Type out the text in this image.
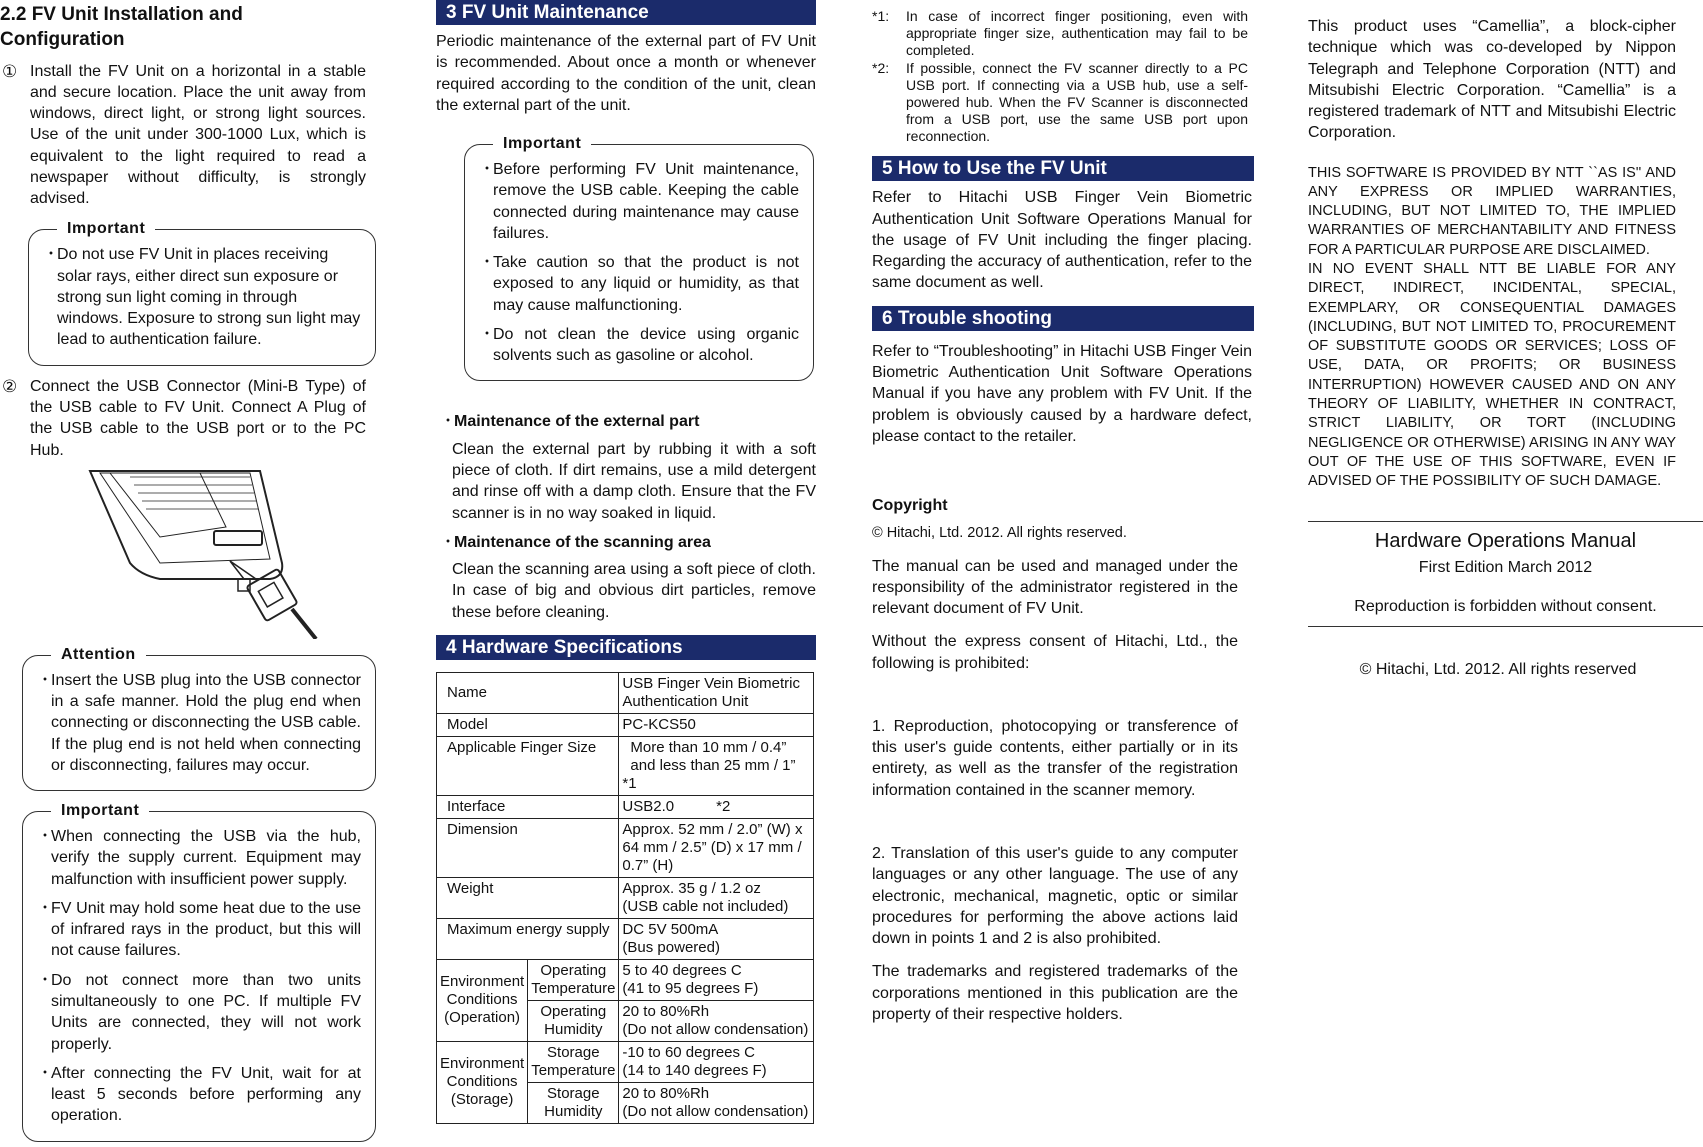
2.2 FV Unit Installation and Configuration
① Install the FV Unit on a horizontal in a stable and secure location. Place the unit away from windows, direct light, or strong light sources. Use of the unit under 300-1000 Lux, which is equivalent to the light required to read a newspaper without difficulty, is strongly advised.

Important
・

Do not use FV Unit in places receiving solar rays, either direct sun exposure or strong sun light coming in through windows. Exposure to strong sun light may lead to authentication failure.

② Connect the USB Connector (Mini-B Type) of the USB cable to FV Unit. Connect A Plug of the USB cable to the USB port or to the PC Hub.

Attention
・

Insert the USB plug into the USB connector in a safe manner. Hold the plug end when connecting or disconnecting the USB cable. If the plug end is not held when connecting or disconnecting, failures may occur.

Important
・

When connecting the USB via the hub, verify the supply current. Equipment may malfunction with insufficient power supply.

・

FV Unit may hold some heat due to the use of infrared rays in the product, but this will not cause failures.

・

Do not connect more than two units simultaneously to one PC. If multiple FV Units are connected, they will not work properly.

・

After connecting the FV Unit, wait for at least 5 seconds before performing any operation.

3 FV Unit Maintenance

Periodic maintenance of the external part of FV Unit is recommended. About once a month or whenever required according to the condition of the unit, clean the external part of the unit.

Important
・

Before performing FV Unit maintenance, remove the USB cable. Keeping the cable connected during maintenance may cause failures.

・

Take caution so that the product is not exposed to any liquid or humidity, as that may cause malfunctioning.

・

Do not clean the device using organic solvents such as gasoline or alcohol.

・

Maintenance of the external part

Clean the external part by rubbing it with a soft piece of cloth. If dirt remains, use a mild detergent and rinse off with a damp cloth. Ensure that the FV scanner is in no way soaked in liquid.

・

Maintenance of the scanning area

Clean the scanning area using a soft piece of cloth. In case of big and obvious dirt particles, remove these before cleaning.

4 Hardware Specifications
Name		USB Finger Vein Biometric Authentication Unit
Model		PC-KCS50
Applicable Finger Size		More than 10 mm / 0.4” and less than 25 mm / 1”
*1

Interface		USB2.0 *2
Dimension		Approx. 52 mm / 2.0” (W) x 64 mm / 2.5” (D) x 17 mm / 0.7” (H)
Weight		Approx. 35 g / 1.2 oz
(USB cable not included)

Maximum energy supply		DC 5V 500mA
(Bus powered)

Environment Conditions (Operation)	Operating Temperature	5 to 40 degrees C
(41 to 95 degrees F)

	Operating Humidity	20 to 80%Rh
(Do not allow condensation)

Environment Conditions (Storage)	Storage Temperature	-10 to 60 degrees C
(14 to 140 degrees F)

	Storage Humidity	20 to 80%Rh
(Do not allow condensation)
*1:	In case of incorrect finger positioning, even with appropriate finger size, authentication may fail to be completed.

*2:	If possible, connect the FV scanner directly to a PC USB port. If connecting via a USB hub, use a self-powered hub. When the FV Scanner is disconnected from a USB port, use the same USB port upon reconnection.

5 How to Use the FV Unit

Refer to Hitachi USB Finger Vein Biometric Authentication Unit Software Operations Manual for the usage of FV Unit including the finger placing. Regarding the accuracy of authentication, refer to the same document as well.

6 Trouble shooting

Refer to “Troubleshooting” in Hitachi USB Finger Vein Biometric Authentication Unit Software Operations Manual if you have any problem with FV Unit. If the problem is obviously caused by a hardware defect, please contact to the retailer.

Copyright

© Hitachi, Ltd. 2012. All rights reserved.

The manual can be used and managed under the responsibility of the administrator registered in the relevant document of FV Unit.

Without the express consent of Hitachi, Ltd., the following is prohibited:

1. Reproduction, photocopying or transference of this user's guide contents, either partially or in its entirety, as well as the transfer of the registration information contained in the scanner memory.

2. Translation of this user's guide to any computer languages or any other language. The use of any electronic, mechanical, magnetic, optic or similar procedures for performing the above actions laid down in points 1 and 2 is also prohibited.

The trademarks and registered trademarks of the corporations mentioned in this publication are the property of their respective holders.

This product uses “Camellia”, a block-cipher technique which was co-developed by Nippon Telegraph and Telephone Corporation (NTT) and Mitsubishi Electric Corporation. “Camellia” is a registered trademark of NTT and Mitsubishi Electric Corporation.

THIS SOFTWARE IS PROVIDED BY NTT ``AS IS'' AND ANY EXPRESS OR IMPLIED WARRANTIES, INCLUDING, BUT NOT LIMITED TO, THE IMPLIED WARRANTIES OF MERCHANTABILITY AND FITNESS FOR A PARTICULAR PURPOSE ARE DISCLAIMED.

IN NO EVENT SHALL NTT BE LIABLE FOR ANY DIRECT, INDIRECT, INCIDENTAL, SPECIAL, EXEMPLARY, OR CONSEQUENTIAL DAMAGES (INCLUDING, BUT NOT LIMITED TO, PROCUREMENT OF SUBSTITUTE GOODS OR SERVICES; LOSS OF USE, DATA, OR PROFITS; OR BUSINESS INTERRUPTION) HOWEVER CAUSED AND ON ANY THEORY OF LIABILITY, WHETHER IN CONTRACT, STRICT LIABILITY, OR TORT (INCLUDING NEGLIGENCE OR OTHERWISE) ARISING IN ANY WAY OUT OF THE USE OF THIS SOFTWARE, EVEN IF ADVISED OF THE POSSIBILITY OF SUCH DAMAGE.

Hardware Operations Manual
First Edition March 2012
Reproduction is forbidden without consent.
© Hitachi, Ltd. 2012. All rights reserved
